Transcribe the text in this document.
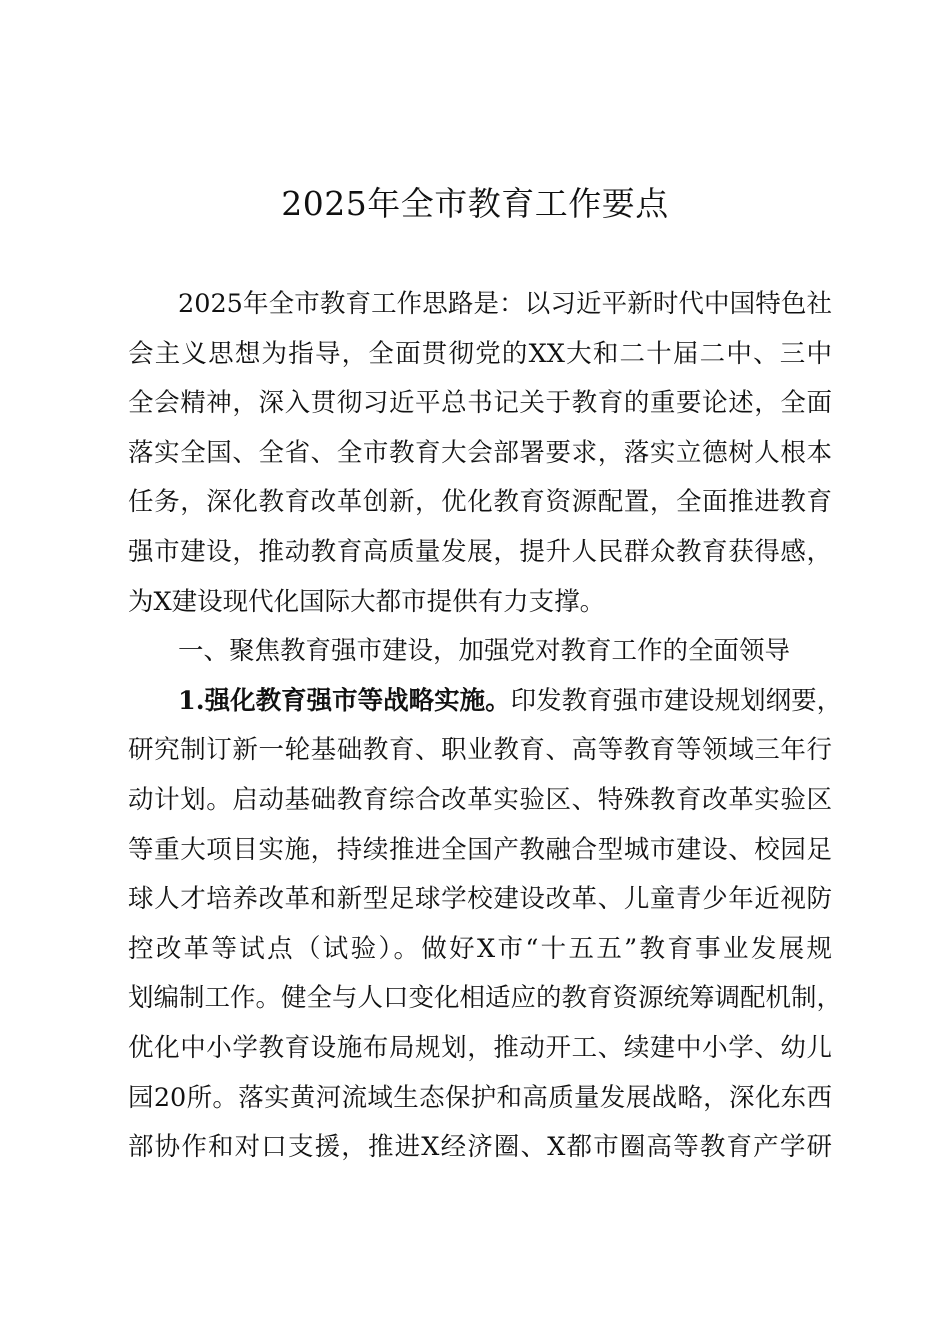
2025年全市教育工作要点
2025年全市教育工作思路是：以习近平新时代中国特色社
会主义思想为指导，全面贯彻党的XX大和二十届二中、三中
全会精神，深入贯彻习近平总书记关于教育的重要论述，全面
落实全国、全省、全市教育大会部署要求，落实立德树人根本
任务，深化教育改革创新，优化教育资源配置，全面推进教育
强市建设，推动教育高质量发展，提升人民群众教育获得感，
为X建设现代化国际大都市提供有力支撑。
一、聚焦教育强市建设，加强党对教育工作的全面领导
1.强化教育强市等战略实施。印发教育强市建设规划纲要，
研究制订新一轮基础教育、职业教育、高等教育等领域三年行
动计划。启动基础教育综合改革实验区、特殊教育改革实验区
等重大项目实施，持续推进全国产教融合型城市建设、校园足
球人才培养改革和新型足球学校建设改革、儿童青少年近视防
控改革等试点（试验）。做好X市“十五五”教育事业发展规
划编制工作。健全与人口变化相适应的教育资源统筹调配机制，
优化中小学教育设施布局规划，推动开工、续建中小学、幼儿
园20所。落实黄河流域生态保护和高质量发展战略，深化东西
部协作和对口支援，推进X经济圈、X都市圈高等教育产学研
